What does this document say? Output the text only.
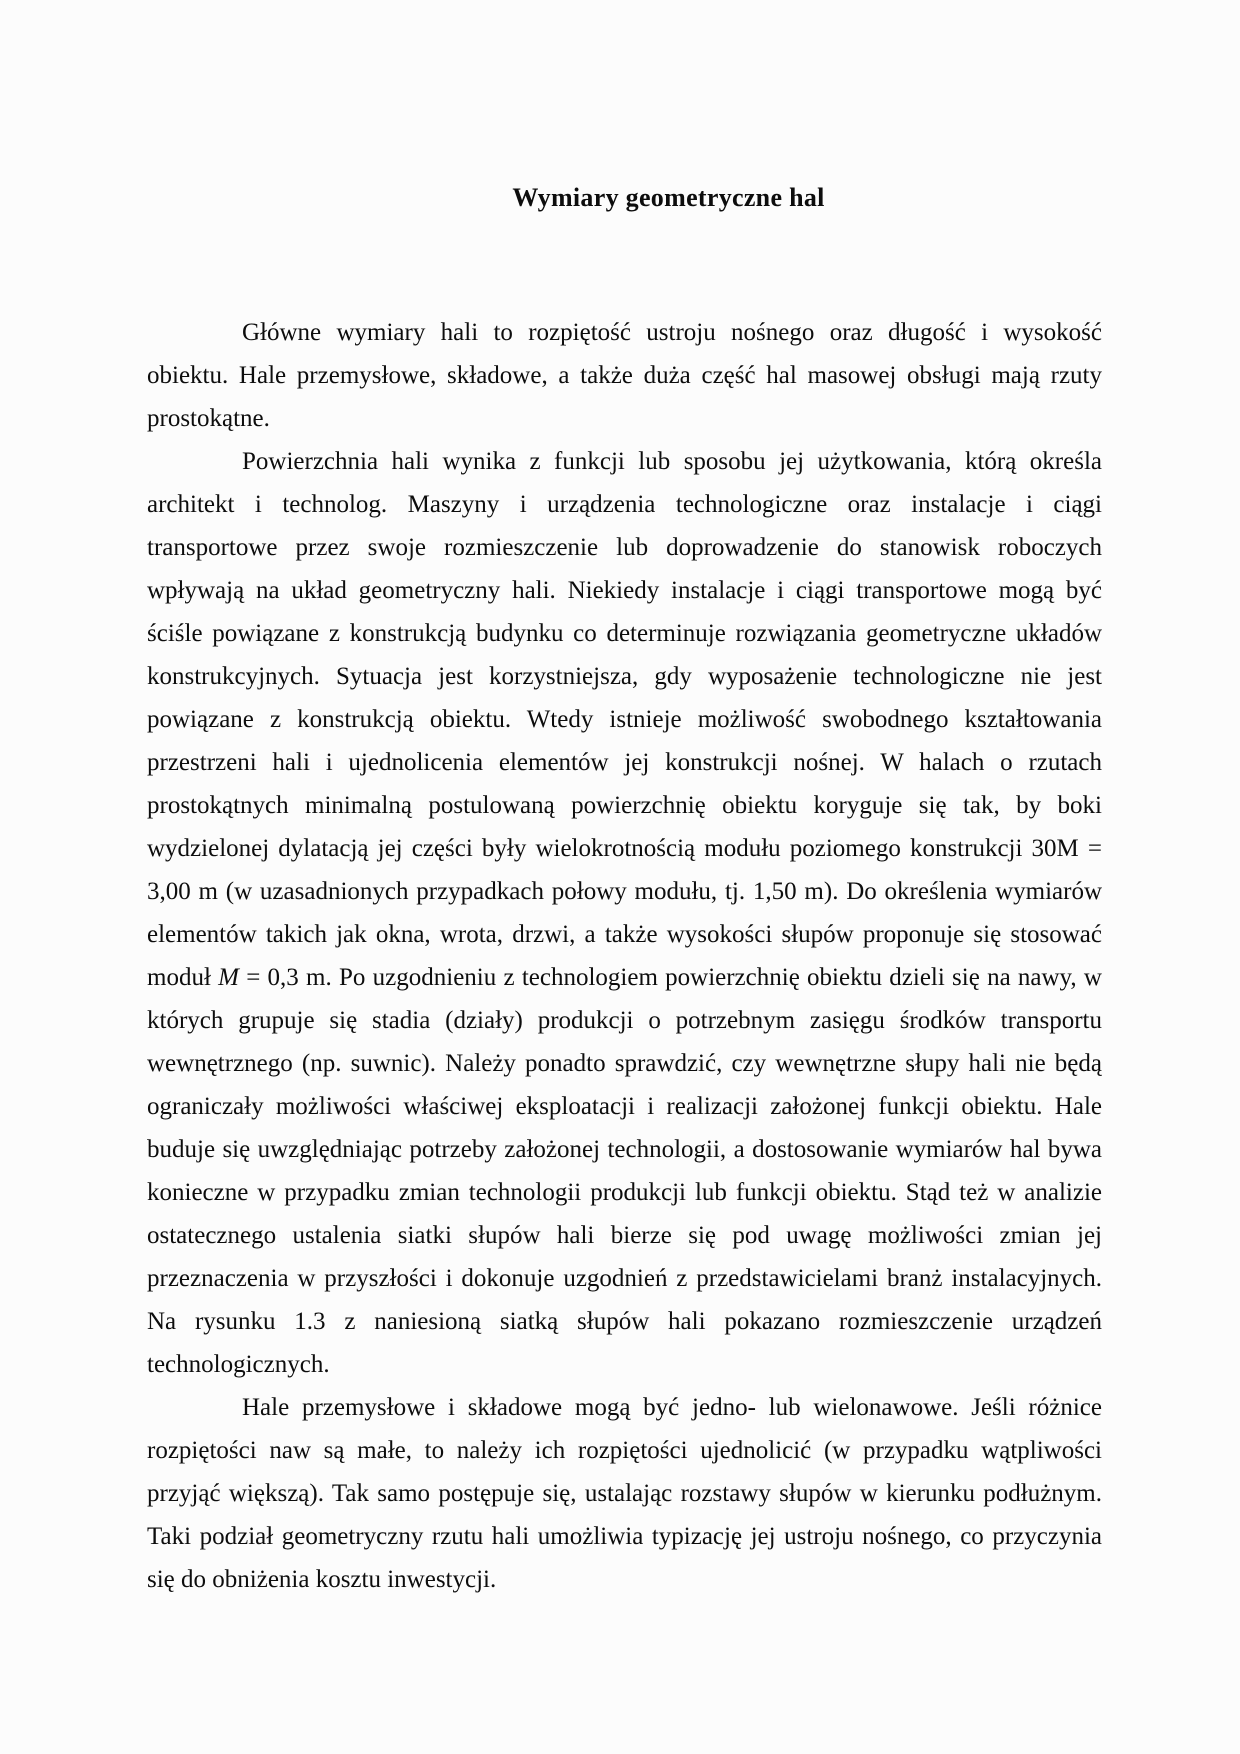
Wymiary geometryczne hal
Główne wymiary hali to rozpiętość ustroju nośnego oraz długość i wysokość
obiektu. Hale przemysłowe, składowe, a także duża część hal masowej obsługi mają rzuty
prostokątne.
Powierzchnia hali wynika z funkcji lub sposobu jej użytkowania, którą określa
architekt i technolog. Maszyny i urządzenia technologiczne oraz instalacje i ciągi
transportowe przez swoje rozmieszczenie lub doprowadzenie do stanowisk roboczych
wpływają na układ geometryczny hali. Niekiedy instalacje i ciągi transportowe mogą być
ściśle powiązane z konstrukcją budynku co determinuje rozwiązania geometryczne układów
konstrukcyjnych. Sytuacja jest korzystniejsza, gdy wyposażenie technologiczne nie jest
powiązane z konstrukcją obiektu. Wtedy istnieje możliwość swobodnego kształtowania
przestrzeni hali i ujednolicenia elementów jej konstrukcji nośnej. W halach o rzutach
prostokątnych minimalną postulowaną powierzchnię obiektu koryguje się tak, by boki
wydzielonej dylatacją jej części były wielokrotnością modułu poziomego konstrukcji 30M =
3,00 m (w uzasadnionych przypadkach połowy modułu, tj. 1,50 m). Do określenia wymiarów
elementów takich jak okna, wrota, drzwi, a także wysokości słupów proponuje się stosować
moduł M = 0,3 m. Po uzgodnieniu z technologiem powierzchnię obiektu dzieli się na nawy, w
których grupuje się stadia (działy) produkcji o potrzebnym zasięgu środków transportu
wewnętrznego (np. suwnic). Należy ponadto sprawdzić, czy wewnętrzne słupy hali nie będą
ograniczały możliwości właściwej eksploatacji i realizacji założonej funkcji obiektu. Hale
buduje się uwzględniając potrzeby założonej technologii, a dostosowanie wymiarów hal bywa
konieczne w przypadku zmian technologii produkcji lub funkcji obiektu. Stąd też w analizie
ostatecznego ustalenia siatki słupów hali bierze się pod uwagę możliwości zmian jej
przeznaczenia w przyszłości i dokonuje uzgodnień z przedstawicielami branż instalacyjnych.
Na rysunku 1.3 z naniesioną siatką słupów hali pokazano rozmieszczenie urządzeń
technologicznych.
Hale przemysłowe i składowe mogą być jedno- lub wielonawowe. Jeśli różnice
rozpiętości naw są małe, to należy ich rozpiętości ujednolicić (w przypadku wątpliwości
przyjąć większą). Tak samo postępuje się, ustalając rozstawy słupów w kierunku podłużnym.
Taki podział geometryczny rzutu hali umożliwia typizację jej ustroju nośnego, co przyczynia
się do obniżenia kosztu inwestycji.
